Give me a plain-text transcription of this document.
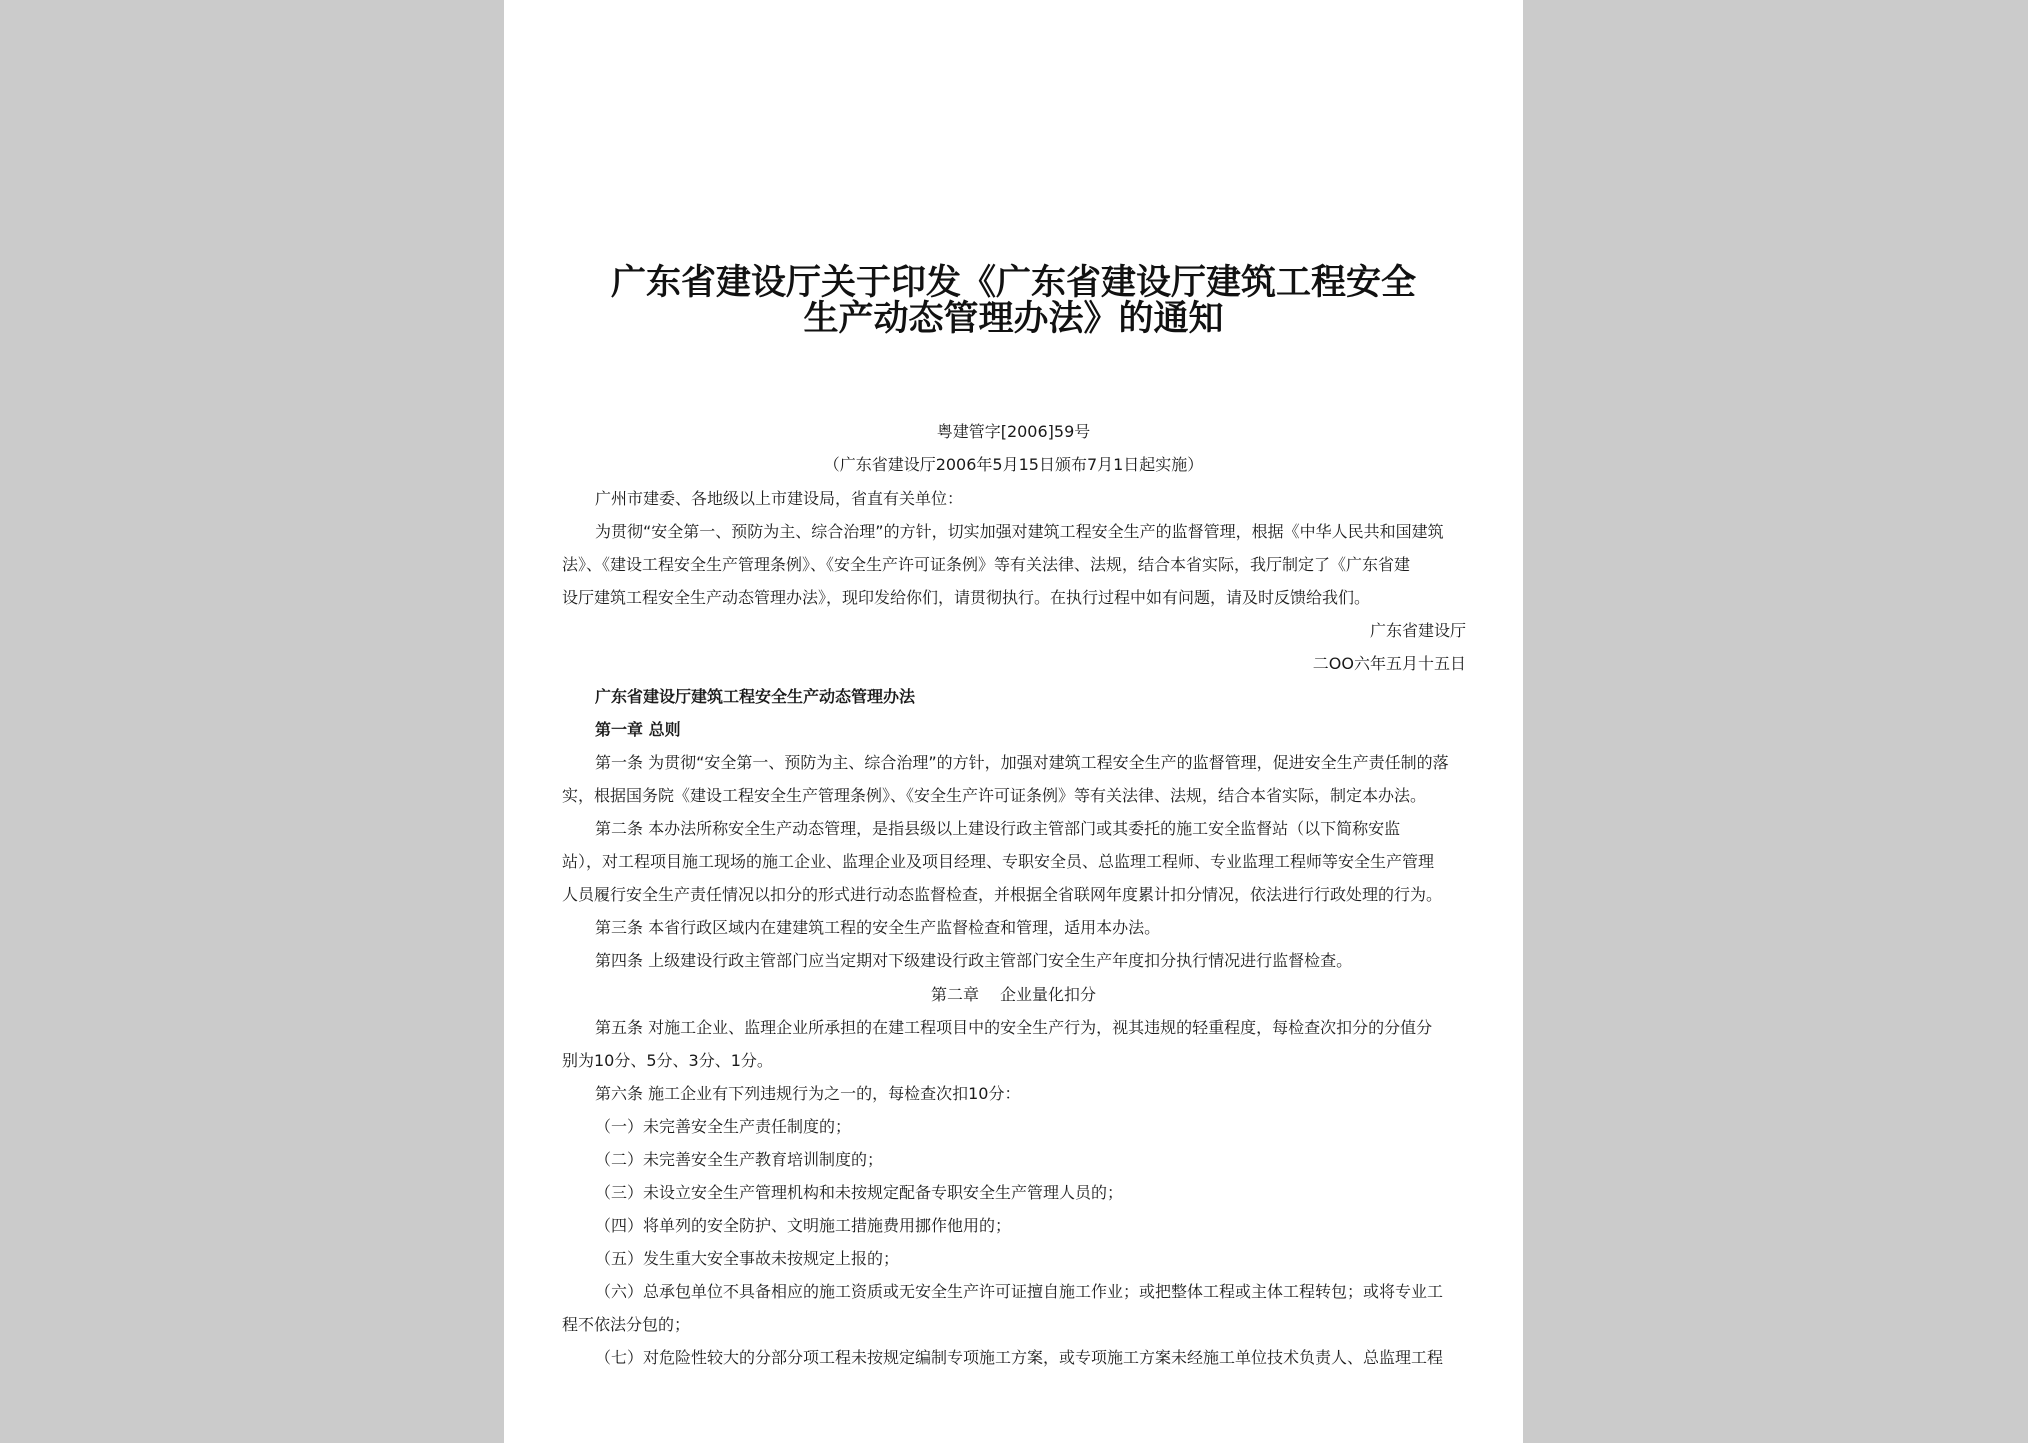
广东省建设厅关于印发《广东省建设厅建筑工程安全
生产动态管理办法》的通知
粤建管字[2006]59号
（广东省建设厅2006年5月15日颁布7月1日起实施）
广州市建委、各地级以上市建设局，省直有关单位：
为贯彻“安全第一、预防为主、综合治理”的方针，切实加强对建筑工程安全生产的监督管理，根据《中华人民共和国建筑
法》、《建设工程安全生产管理条例》、《安全生产许可证条例》等有关法律、法规，结合本省实际，我厅制定了《广东省建
设厅建筑工程安全生产动态管理办法》，现印发给你们，请贯彻执行。在执行过程中如有问题，请及时反馈给我们。
广东省建设厅
二OO六年五月十五日
广东省建设厅建筑工程安全生产动态管理办法
第一章 总则
第一条 为贯彻“安全第一、预防为主、综合治理”的方针，加强对建筑工程安全生产的监督管理，促进安全生产责任制的落
实，根据国务院《建设工程安全生产管理条例》、《安全生产许可证条例》等有关法律、法规，结合本省实际，制定本办法。
第二条 本办法所称安全生产动态管理，是指县级以上建设行政主管部门或其委托的施工安全监督站（以下简称安监
站），对工程项目施工现场的施工企业、监理企业及项目经理、专职安全员、总监理工程师、专业监理工程师等安全生产管理
人员履行安全生产责任情况以扣分的形式进行动态监督检查，并根据全省联网年度累计扣分情况，依法进行行政处理的行为。
第三条 本省行政区域内在建建筑工程的安全生产监督检查和管理，适用本办法。
第四条 上级建设行政主管部门应当定期对下级建设行政主管部门安全生产年度扣分执行情况进行监督检查。
第二章　 企业量化扣分
第五条 对施工企业、监理企业所承担的在建工程项目中的安全生产行为，视其违规的轻重程度，每检查次扣分的分值分
别为10分、5分、3分、1分。
第六条 施工企业有下列违规行为之一的，每检查次扣10分：
（一）未完善安全生产责任制度的；
（二）未完善安全生产教育培训制度的；
（三）未设立安全生产管理机构和未按规定配备专职安全生产管理人员的；
（四）将单列的安全防护、文明施工措施费用挪作他用的；
（五）发生重大安全事故未按规定上报的；
（六）总承包单位不具备相应的施工资质或无安全生产许可证擅自施工作业；或把整体工程或主体工程转包；或将专业工
程不依法分包的；
（七）对危险性较大的分部分项工程未按规定编制专项施工方案，或专项施工方案未经施工单位技术负责人、总监理工程
